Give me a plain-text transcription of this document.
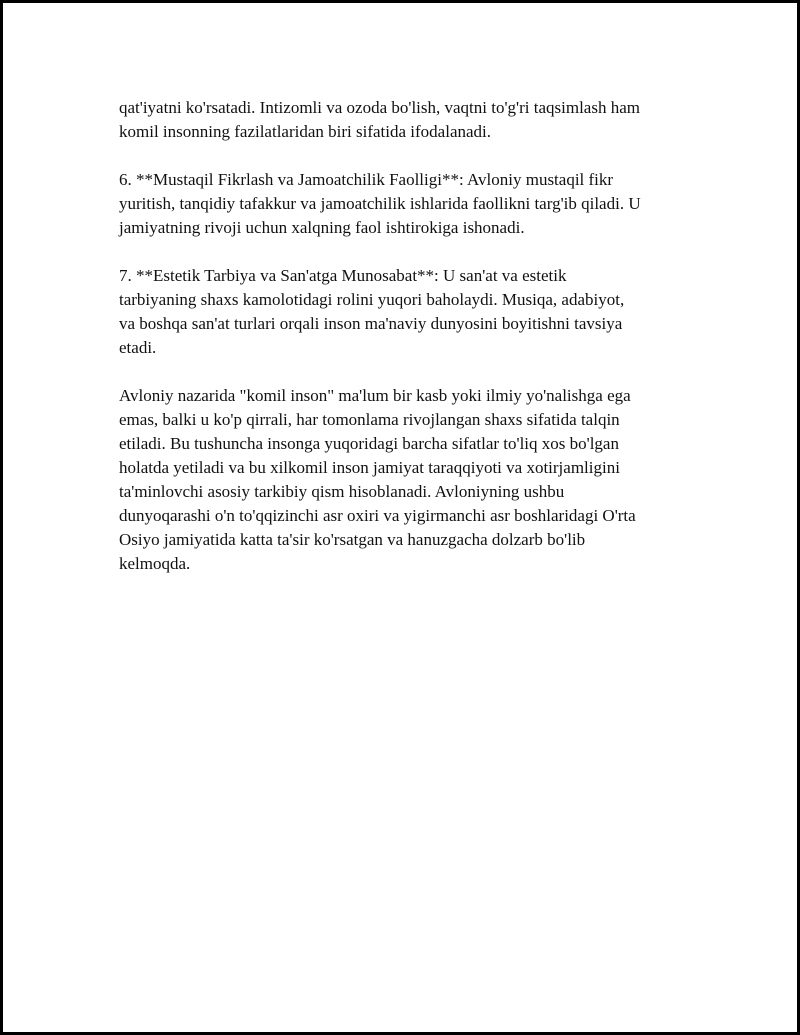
qat'iyatni ko'rsatadi. Intizomli va ozoda bo'lish, vaqtni to'g'ri taqsimlash ham
komil insonning fazilatlaridan biri sifatida ifodalanadi.

6. **Mustaqil Fikrlash va Jamoatchilik Faolligi**: Avloniy mustaqil fikr
yuritish, tanqidiy tafakkur va jamoatchilik ishlarida faollikni targ'ib qiladi. U
jamiyatning rivoji uchun xalqning faol ishtirokiga ishonadi.

7. **Estetik Tarbiya va San'atga Munosabat**: U san'at va estetik
tarbiyaning shaxs kamolotidagi rolini yuqori baholaydi. Musiqa, adabiyot,
va boshqa san'at turlari orqali inson ma'naviy dunyosini boyitishni tavsiya
etadi.

Avloniy nazarida "komil inson" ma'lum bir kasb yoki ilmiy yo'nalishga ega
emas, balki u ko'p qirrali, har tomonlama rivojlangan shaxs sifatida talqin
etiladi. Bu tushuncha insonga yuqoridagi barcha sifatlar to'liq xos bo'lgan
holatda yetiladi va bu xilkomil inson jamiyat taraqqiyoti va xotirjamligini
ta'minlovchi asosiy tarkibiy qism hisoblanadi. Avloniyning ushbu
dunyoqarashi o'n to'qqizinchi asr oxiri va yigirmanchi asr boshlaridagi O'rta
Osiyo jamiyatida katta ta'sir ko'rsatgan va hanuzgacha dolzarb bo'lib
kelmoqda.
